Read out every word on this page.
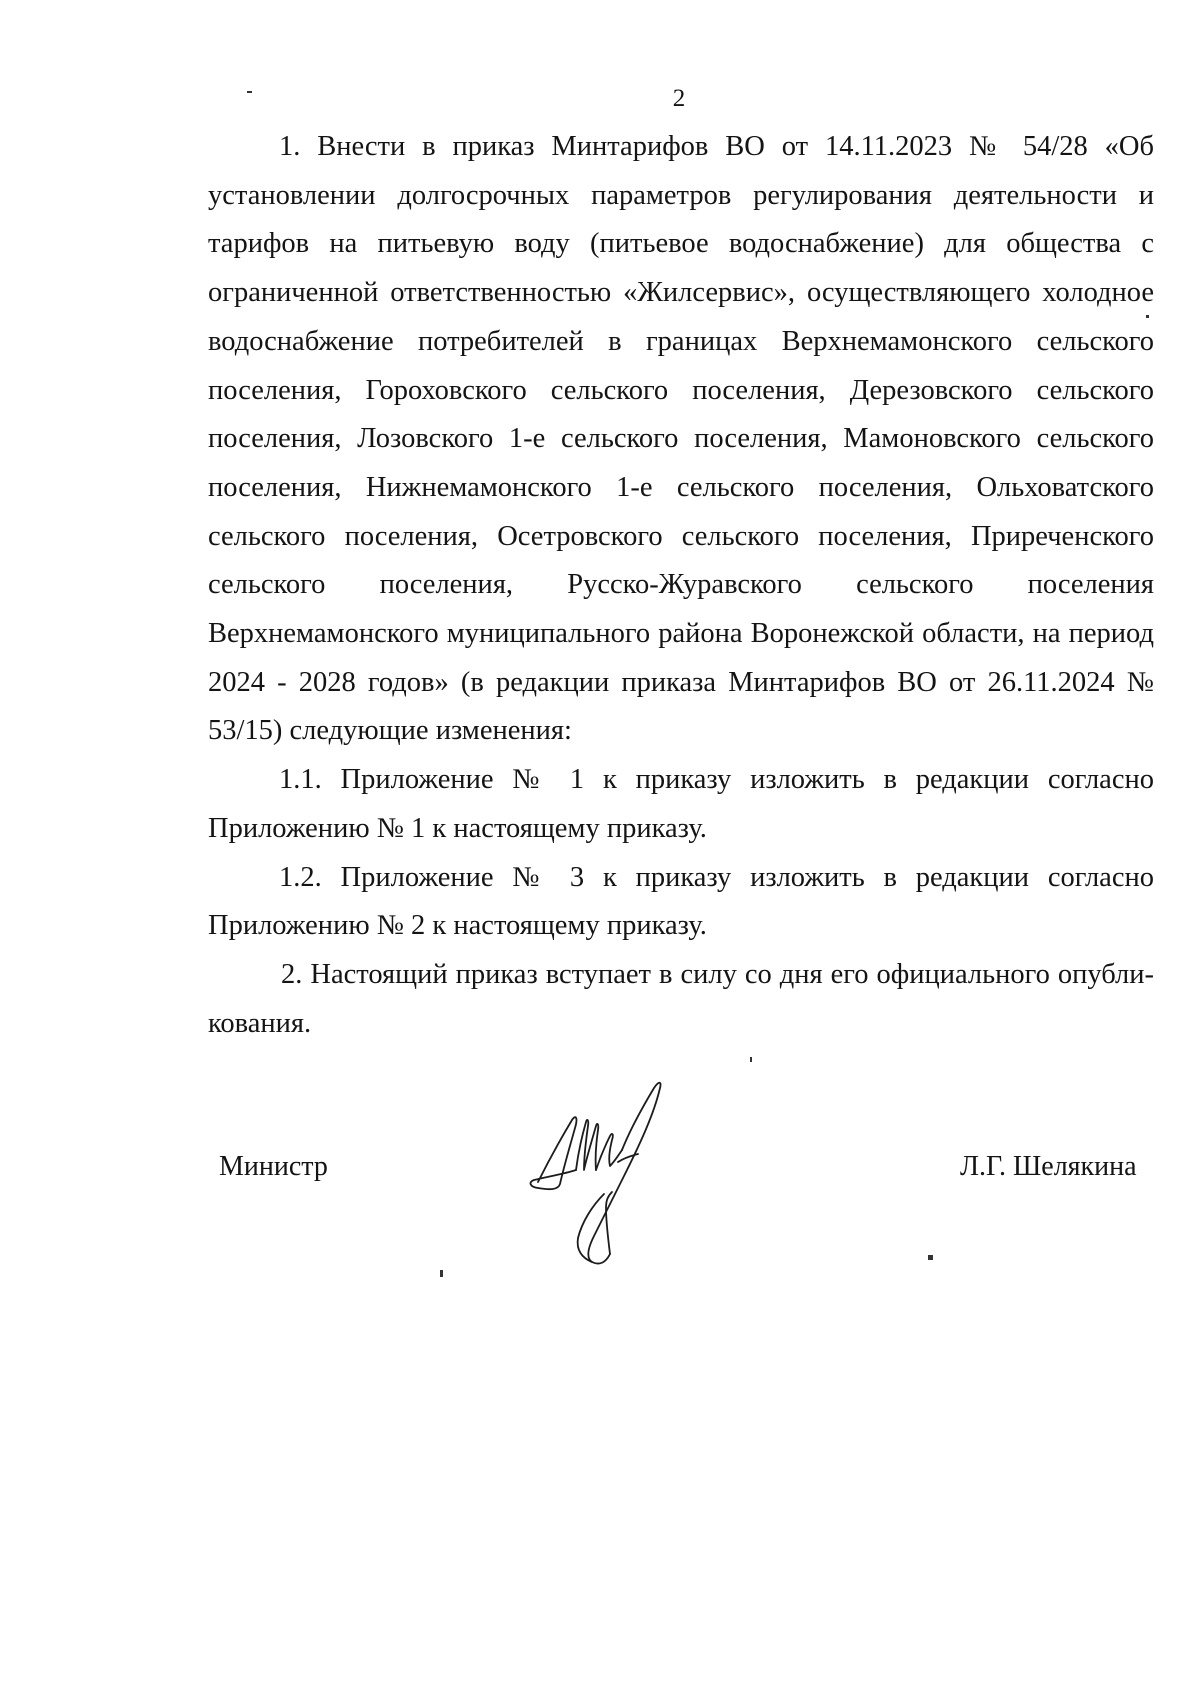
2

1. Внести в приказ Минтарифов ВО от 14.11.2023 № 54/28 «Об установлении долгосрочных параметров регулирования деятельности и тарифов на питьевую воду (питьевое водоснабжение) для общества с ограниченной ответственностью «Жилсервис», осуществляющего холодное водоснабжение потребителей в границах Верхнемамонского сельского поселения, Гороховского сельского поселения, Дерезовского сельского поселения, Лозовского 1-е сельского поселения, Мамоновского сельского поселения, Нижнемамонского 1-е сельского поселения, Ольховатского сельского поселения, Осетровского сельского поселения, Приреченского сельского поселения, Русско-Журавского сельского поселения Верхнемамонского муниципального района Воронежской области, на период 2024 - 2028 годов» (в редакции приказа Минтарифов ВО от 26.11.2024 № 53/15) следующие изменения:

1.1. Приложение № 1 к приказу изложить в редакции согласно Приложению № 1 к настоящему приказу.

1.2. Приложение № 3 к приказу изложить в редакции согласно Приложению № 2 к настоящему приказу.

2. Настоящий приказ вступает в силу со дня его официального опубликования.

Министр	Л.Г. Шелякина
